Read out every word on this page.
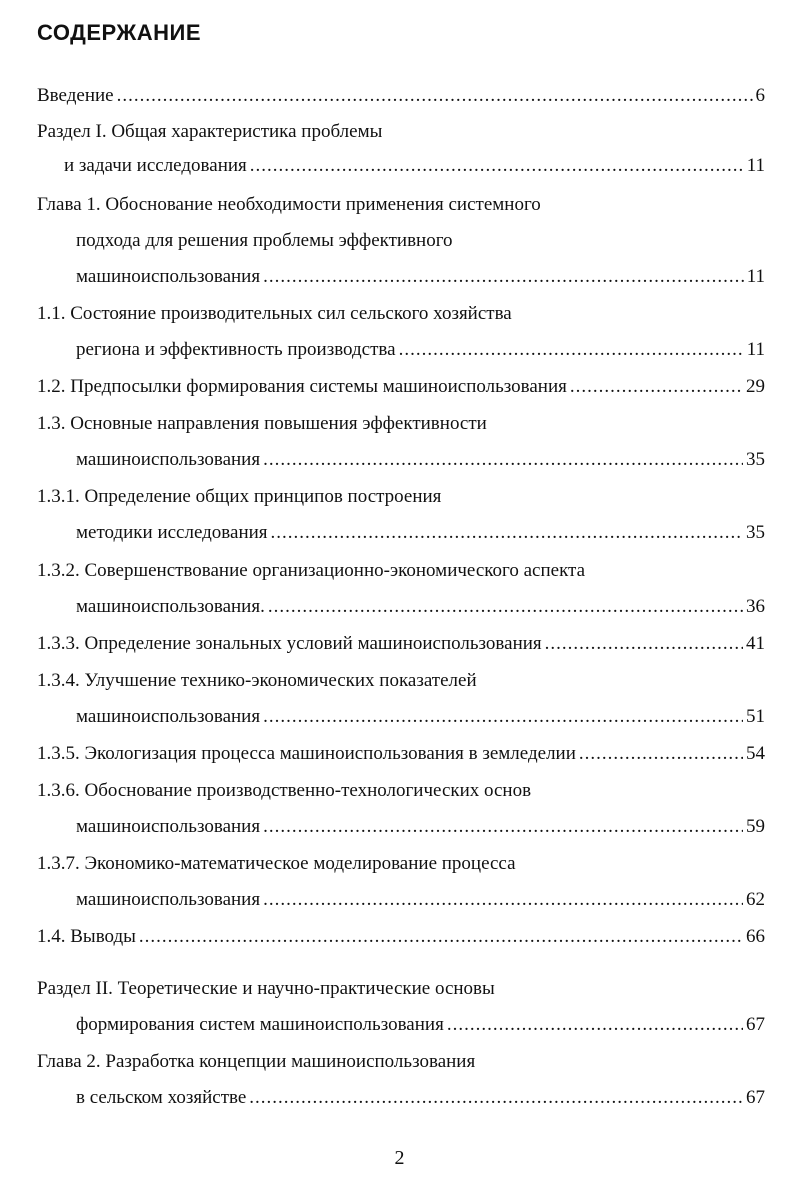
СОДЕРЖАНИЕ
Введение .....	6
Раздел I. Общая характеристика проблемы
и задачи исследования .....	11
Глава 1. Обоснование необходимости применения системного
подхода для решения проблемы эффективного
машиноиспользования .....	11
1.1. Состояние производительных сил сельского хозяйства
региона и эффективность производства .....	11
1.2. Предпосылки формирования системы машиноиспользования .....	29
1.3. Основные направления повышения эффективности
машиноиспользования .....	35
1.3.1. Определение общих принципов построения
методики исследования .....	35
1.3.2. Совершенствование организационно-экономического аспекта
машиноиспользования. .....	36
1.3.3. Определение зональных условий машиноиспользования .....	41
1.3.4. Улучшение технико-экономических показателей
машиноиспользования .....	51
1.3.5. Экологизация процесса машиноиспользования в земледелии .....	54
1.3.6. Обоснование производственно-технологических основ
машиноиспользования .....	59
1.3.7. Экономико-математическое моделирование процесса
машиноиспользования .....	62
1.4. Выводы .....	66
Раздел II. Теоретические и научно-практические основы
формирования систем машиноиспользования .....	67
Глава 2. Разработка концепции машиноиспользования
в сельском хозяйстве .....	67
2
